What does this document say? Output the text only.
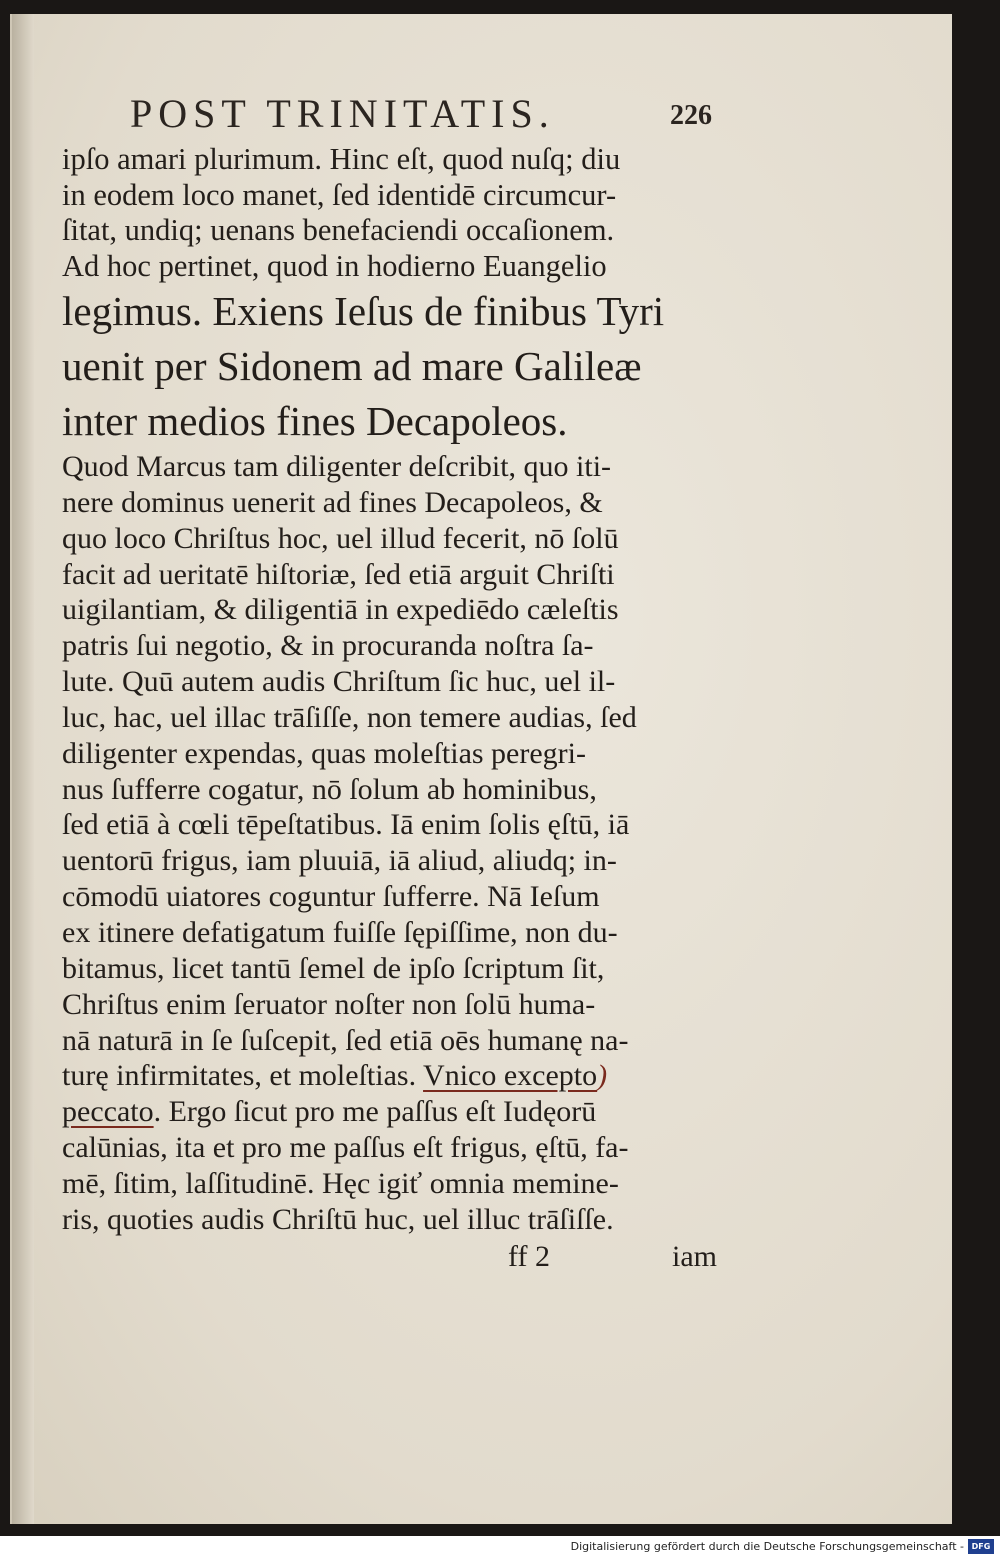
POST TRINITATIS.	226
ipſo amari plurimum. Hinc eſt, quod nuſq; diu
in eodem loco manet, ſed identidē circumcur-
ſitat, undiq; uenans benefaciendi occaſionem.
Ad hoc pertinet, quod in hodierno Euangelio
legimus. Exiens Ieſus de finibus Tyri
uenit per Sidonem ad mare Galileæ
inter medios fines Decapoleos.
Quod Marcus tam diligenter deſcribit, quo iti-
nere dominus uenerit ad fines Decapoleos, &
quo loco Chriſtus hoc, uel illud fecerit, nō ſolū
facit ad ueritatē hiſtoriæ, ſed etiā arguit Chriſti
uigilantiam, & diligentiā in expediēdo cæleſtis
patris ſui negotio, & in procuranda noſtra ſa-
lute. Quū autem audis Chriſtum ſic huc, uel il-
luc, hac, uel illac trāſiſſe, non temere audias, ſed
diligenter expendas, quas moleſtias peregri-
nus ſufferre cogatur, nō ſolum ab hominibus,
ſed etiā à cœli tēpeſtatibus. Iā enim ſolis ęſtū, iā
uentorū frigus, iam pluuiā, iā aliud, aliudq; in-
cōmodū uiatores coguntur ſufferre. Nā Ieſum
ex itinere defatigatum fuiſſe ſępiſſime, non du-
bitamus, licet tantū ſemel de ipſo ſcriptum ſit,
Chriſtus enim ſeruator noſter non ſolū huma-
nā naturā in ſe ſuſcepit, ſed etiā oēs humanę na-
turę infirmitates, et moleſtias. Vnico excepto)
peccato. Ergo ſicut pro me paſſus eſt Iudęorū
calūnias, ita et pro me paſſus eſt frigus, ęſtū, fa-
mē, ſitim, laſſitudinē. Hęc igiť omnia memine-
ris, quoties audis Chriſtū huc, uel illuc trāſiſſe.
ff 2	iam
Digitalisierung gefördert durch die Deutsche Forschungsgemeinschaft - DFG
